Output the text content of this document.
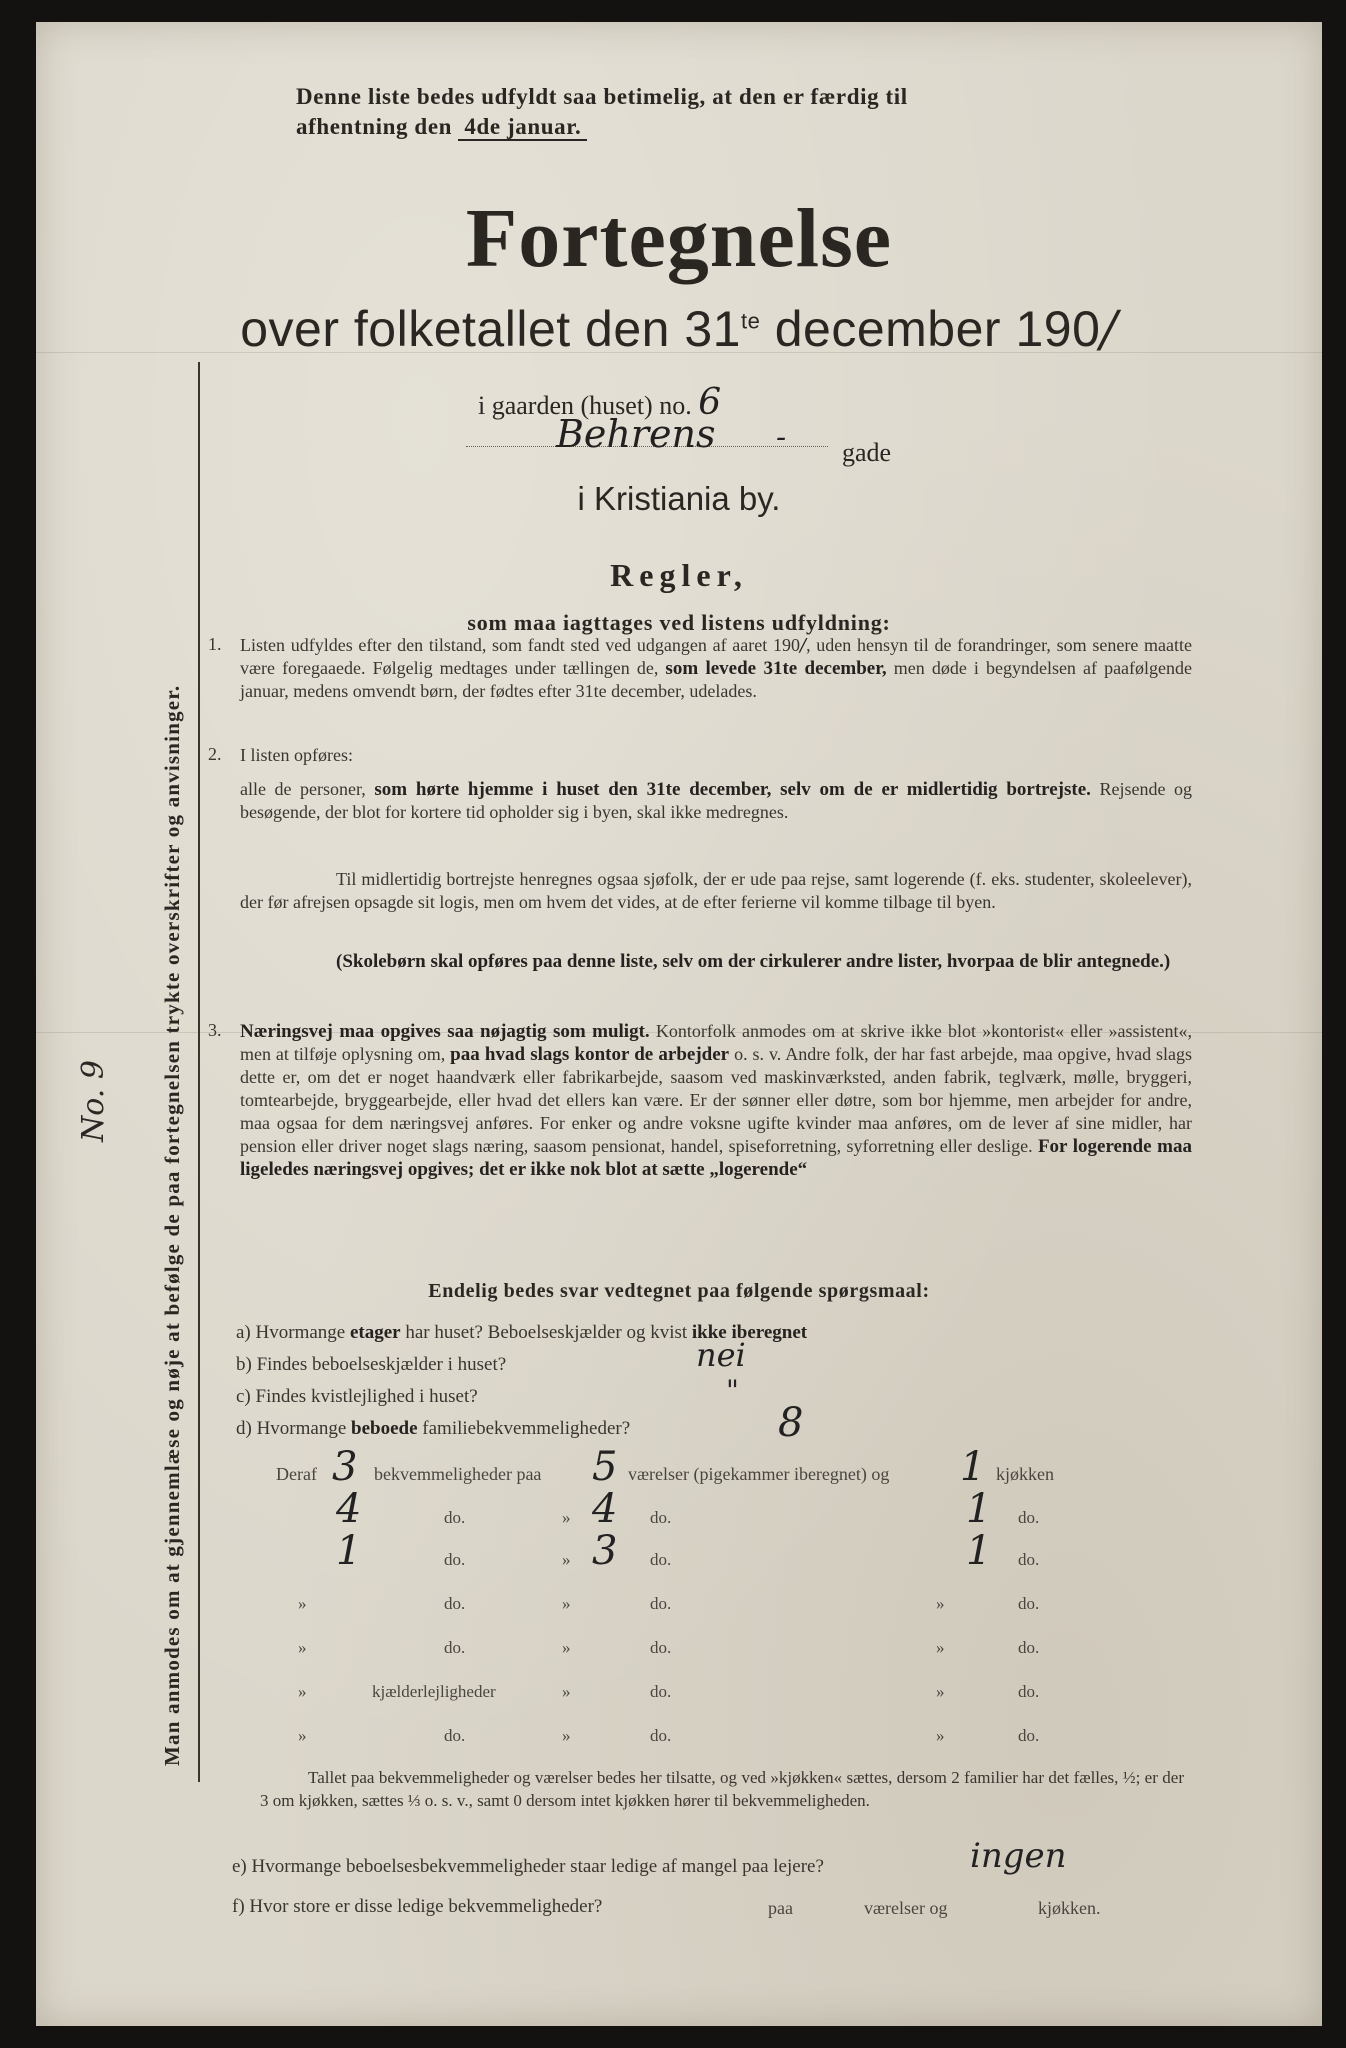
Man anmodes om at gjennemlæse og nøje at befølge de paa fortegnelsen trykte overskrifter og anvisninger.
No. 9
Denne liste bedes udfyldt saa betimelig, at den er færdig til
afhentning den 4de januar.
Fortegnelse
over folketallet den $31^{te}$ december 190/
i gaarden (huset) no. 6
Behrens - gade
i Kristiania by.
Regler,
som maa iagttages ved listens udfyldning:
1. Listen udfyldes efter den tilstand, som fandt sted ved udgangen af aaret 190/, uden hensyn til de forandringer, som senere maatte være foregaaede. Følgelig medtages under tællingen de, som levede 31te december, men døde i begyndelsen af paafølgende januar, medens omvendt børn, der fødtes efter 31te december, udelades.
2. I listen opføres:
alle de personer, som hørte hjemme i huset den 31te december, selv om de er midlertidig bortrejste. Rejsende og besøgende, der blot for kortere tid opholder sig i byen, skal ikke medregnes.
Til midlertidig bortrejste henregnes ogsaa sjøfolk, der er ude paa rejse, samt logerende (f. eks. studenter, skoleelever), der før afrejsen opsagde sit logis, men om hvem det vides, at de efter ferierne vil komme tilbage til byen.
(Skolebørn skal opføres paa denne liste, selv om der cirkulerer andre lister, hvorpaa de blir antegnede.)
3. Næringsvej maa opgives saa nøjagtig som muligt. Kontorfolk anmodes om at skrive ikke blot »kontorist« eller »assistent«, men at tilføje oplysning om, paa hvad slags kontor de arbejder o. s. v. Andre folk, der har fast arbejde, maa opgive, hvad slags dette er, om det er noget haandværk eller fabrikarbejde, saasom ved maskinværksted, anden fabrik, teglværk, mølle, bryggeri, tomtearbejde, bryggearbejde, eller hvad det ellers kan være. Er der sønner eller døtre, som bor hjemme, men arbejder for andre, maa ogsaa for dem næringsvej anføres. For enker og andre voksne ugifte kvinder maa anføres, om de lever af sine midler, har pension eller driver noget slags næring, saasom pensionat, handel, spiseforretning, syforretning eller deslige. For logerende maa ligeledes næringsvej opgives; det er ikke nok blot at sætte „logerende“
Endelig bedes svar vedtegnet paa følgende spørgsmaal:
a) Hvormange etager har huset? Beboelseskjælder og kvist ikke iberegnet
b) Findes beboelseskjælder i huset?	nei
c) Findes kvistlejlighed i huset?	"
d) Hvormange beboede familiebekvemmeligheder?	8
Deraf 3 bekvemmeligheder paa 5 værelser (pigekammer iberegnet) og 1 kjøkken
4	do.	» 4 do.	1 do.
1	do.	» 3 do.	1 do.
»	do.	»	do.	»	do.
»	do.	»	do.	»	do.
»	kjælderlejligheder	»	do.	»	do.
»	do.	»	do.	»	do.
Tallet paa bekvemmeligheder og værelser bedes her tilsatte, og ved »kjøkken« sættes, dersom 2 familier har det fælles, ½; er der 3 om kjøkken, sættes ⅓ o. s. v., samt 0 dersom intet kjøkken hører til bekvemmeligheden.
e) Hvormange beboelsesbekvemmeligheder staar ledige af mangel paa lejere?	ingen
f) Hvor store er disse ledige bekvemmeligheder?	paa	værelser og	kjøkken.
